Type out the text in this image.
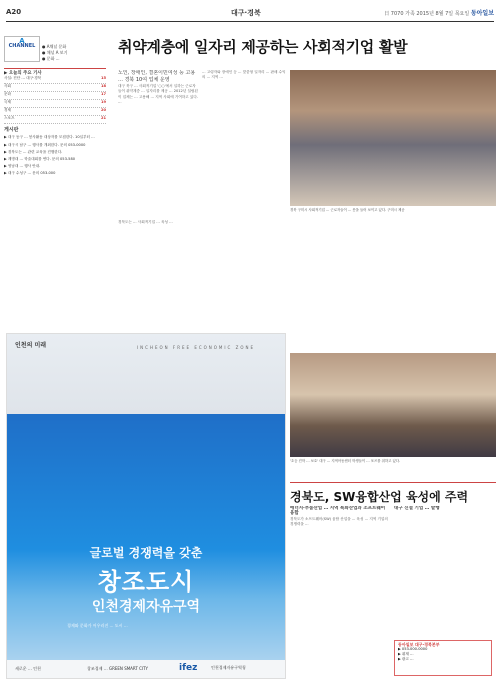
A20	대구·경북	日 7070 가족 2015년 8월 7일 목요일 동아일보
A
CHANNEL	● A채널 문화
● 채널 A 보기
● 문화 ...
▶ 오늘의 주요 기사
사설: 진단 … 대구·경북	15
사회	18
문화	17
국제	19
경제	20
스포츠	21
게시판

▶ 대구 동구 … 봉사활동 대상자를 모집한다. 10일부터 …

▶ 대구시 남구 … 행사를 개최한다. 문의 053-0000

▶ 경북도는 … 관련 교육을 진행한다.

▶ 계명대 … 학술대회를 연다. 문의 053-580

▶ 영남대 … 행사 안내.

▶ 대구 수성구 … 문의 053-000

취약계층에 일자리 제공하는 사회적기업 활발
노인, 장애인, 결혼이민여성 등 고용 … 경북 10여 업체 운영
대구 북구 … 사회적기업 '○○'에서 일하는 근로자들이 취약계층 … 일자리를 제공 … 2012년 설립된 이 업체는 … 고용해 … 지역 사회에 기여하고 있다. …
… 고령자와 장애인 등 … 맞춤형 일자리 … 판매 수익의 … 지역 …
경북 구미시 사회적기업 … 근로자들이 … 옷을 들어 보이고 있다. 구미시 제공
경북도는 … 사회적기업 … 육성 …
인천의 미래	INCHEON FREE ECONOMIC ZONE
글로벌 경쟁력을 갖춘
창조도시
인천경제자유구역
경제와 문화가 어우러진 … 도시 …
새로운 … 인천	창조경제 … GREEN SMART CITY	ifez	인천경제자유구역청
'초등 진학 … 보호' 대구 … 지역아동센터 학생들이 … 포즈를 취하고 있다.
경북도, SW융합산업 육성에 주력
에너지·부품산업 … 지역 특화산업과 소프트웨어 융합
경북도가 소프트웨어(SW) 융합 산업을 … 육성 … 지역 기업의 경쟁력을 …
대구 신설 기업 … 발행
동아일보 대구·경북본부
▶ 053-000-0000
▶ 취재 …
▶ 광고 …
